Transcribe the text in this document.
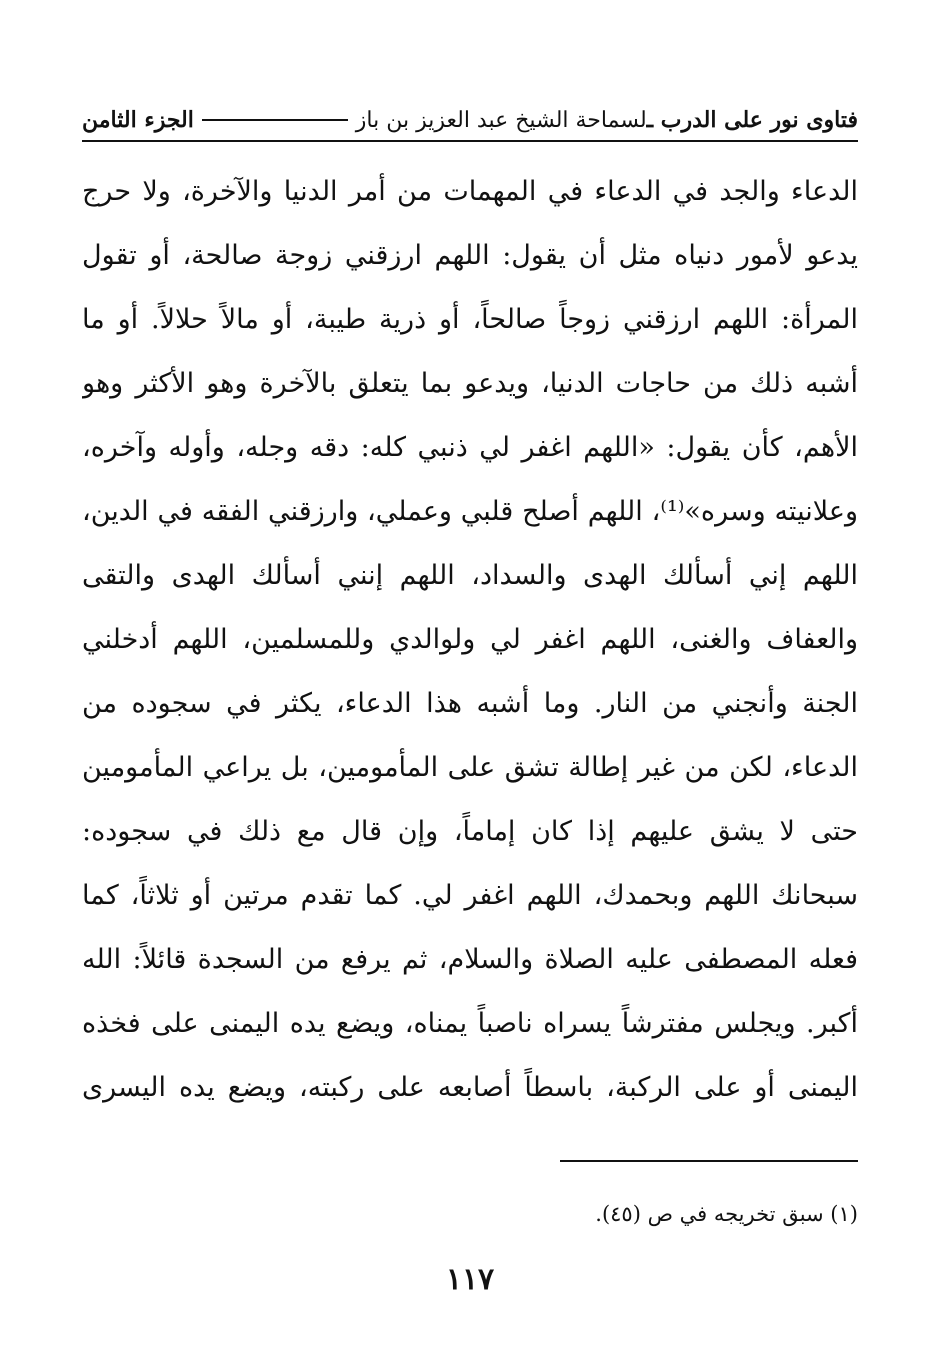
فتاوى نور على الدرب ـ
لسماحة الشيخ عبد العزيز بن باز
الجزء الثامن
الدعاء والجد في الدعاء في المهمات من أمر الدنيا والآخرة، ولا حرج
يدعو لأمور دنياه مثل أن يقول: اللهم ارزقني زوجة صالحة، أو تقول
المرأة: اللهم ارزقني زوجاً صالحاً، أو ذرية طيبة، أو مالاً حلالاً. أو ما
أشبه ذلك من حاجات الدنيا، ويدعو بما يتعلق بالآخرة وهو الأكثر وهو
الأهم، كأن يقول: «اللهم اغفر لي ذنبي كله: دقه وجله، وأوله وآخره،
وعلانيته وسره»⁽¹⁾، اللهم أصلح قلبي وعملي، وارزقني الفقه في الدين،
اللهم إني أسألك الهدى والسداد، اللهم إنني أسألك الهدى والتقى
والعفاف والغنى، اللهم اغفر لي ولوالدي وللمسلمين، اللهم أدخلني
الجنة وأنجني من النار. وما أشبه هذا الدعاء، يكثر في سجوده من
الدعاء، لكن من غير إطالة تشق على المأمومين، بل يراعي المأمومين
حتى لا يشق عليهم إذا كان إماماً، وإن قال مع ذلك في سجوده:
سبحانك اللهم وبحمدك، اللهم اغفر لي. كما تقدم مرتين أو ثلاثاً، كما
فعله المصطفى عليه الصلاة والسلام، ثم يرفع من السجدة قائلاً: الله
أكبر. ويجلس مفترشاً يسراه ناصباً يمناه، ويضع يده اليمنى على فخذه
اليمنى أو على الركبة، باسطاً أصابعه على ركبته، ويضع يده اليسرى
(١) سبق تخريجه في ص (٤٥).
١١٧
